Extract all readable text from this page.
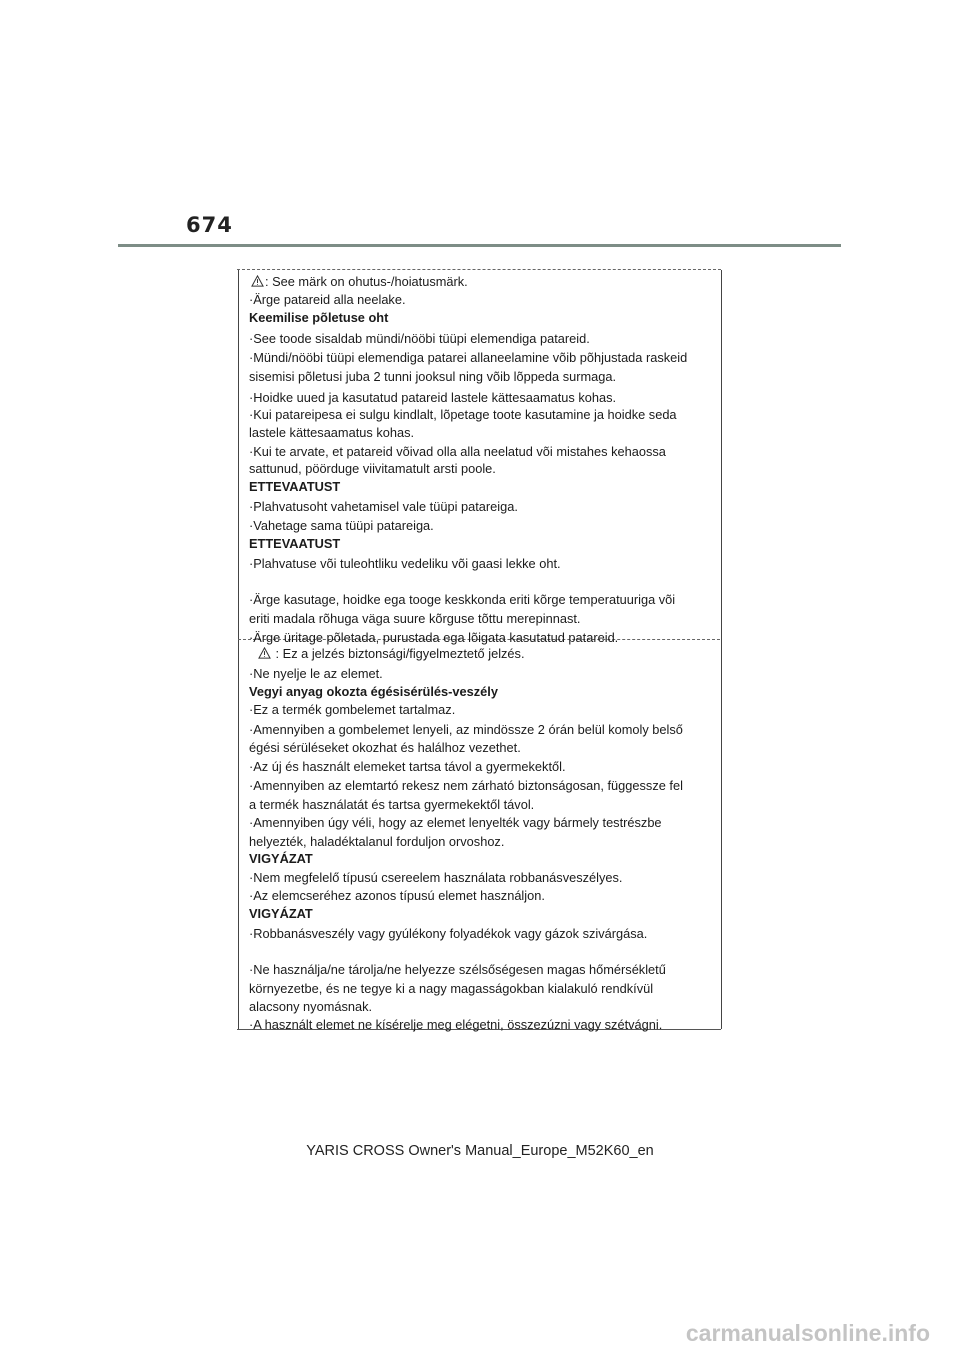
674
: See märk on ohutus-/hoiatusmärk.
·Ärge patareid alla neelake.
Keemilise põletuse oht
·See toode sisaldab mündi/nööbi tüüpi elemendiga patareid.
·Mündi/nööbi tüüpi elemendiga patarei allaneelamine võib põhjustada raskeid
sisemisi põletusi juba 2 tunni jooksul ning võib lõppeda surmaga.
·Hoidke uued ja kasutatud patareid lastele kättesaamatus kohas.
·Kui patareipesa ei sulgu kindlalt, lõpetage toote kasutamine ja hoidke seda
lastele kättesaamatus kohas.
·Kui te arvate, et patareid võivad olla alla neelatud või mistahes kehaossa
sattunud, pöörduge viivitamatult arsti poole.
ETTEVAATUST
·Plahvatusoht vahetamisel vale tüüpi patareiga.
·Vahetage sama tüüpi patareiga.
ETTEVAATUST
·Plahvatuse või tuleohtliku vedeliku või gaasi lekke oht.
·Ärge kasutage, hoidke ega tooge keskkonda eriti kõrge temperatuuriga või
eriti madala rõhuga väga suure kõrguse tõttu merepinnast.
·Ärge üritage põletada, purustada ega lõigata kasutatud patareid.
: Ez a jelzés biztonsági/figyelmeztető jelzés.
·Ne nyelje le az elemet.
Vegyi anyag okozta égésisérülés-veszély
·Ez a termék gombelemet tartalmaz.
·Amennyiben a gombelemet lenyeli, az mindössze 2 órán belül komoly belső
égési sérüléseket okozhat és halálhoz vezethet.
·Az új és használt elemeket tartsa távol a gyermekektől.
·Amennyiben az elemtartó rekesz nem zárható biztonságosan, függessze fel
a termék használatát és tartsa gyermekektől távol.
·Amennyiben úgy véli, hogy az elemet lenyelték vagy bármely testrészbe
helyezték, haladéktalanul forduljon orvoshoz.
VIGYÁZAT
·Nem megfelelő típusú csereelem használata robbanásveszélyes.
·Az elemcseréhez azonos típusú elemet használjon.
VIGYÁZAT
·Robbanásveszély vagy gyúlékony folyadékok vagy gázok szivárgása.
·Ne használja/ne tárolja/ne helyezze szélsőségesen magas hőmérsékletű
környezetbe, és ne tegye ki a nagy magasságokban kialakuló rendkívül
alacsony nyomásnak.
·A használt elemet ne kísérelje meg elégetni, összezúzni vagy szétvágni.
YARIS CROSS Owner's Manual_Europe_M52K60_en
carmanualsonline.info
